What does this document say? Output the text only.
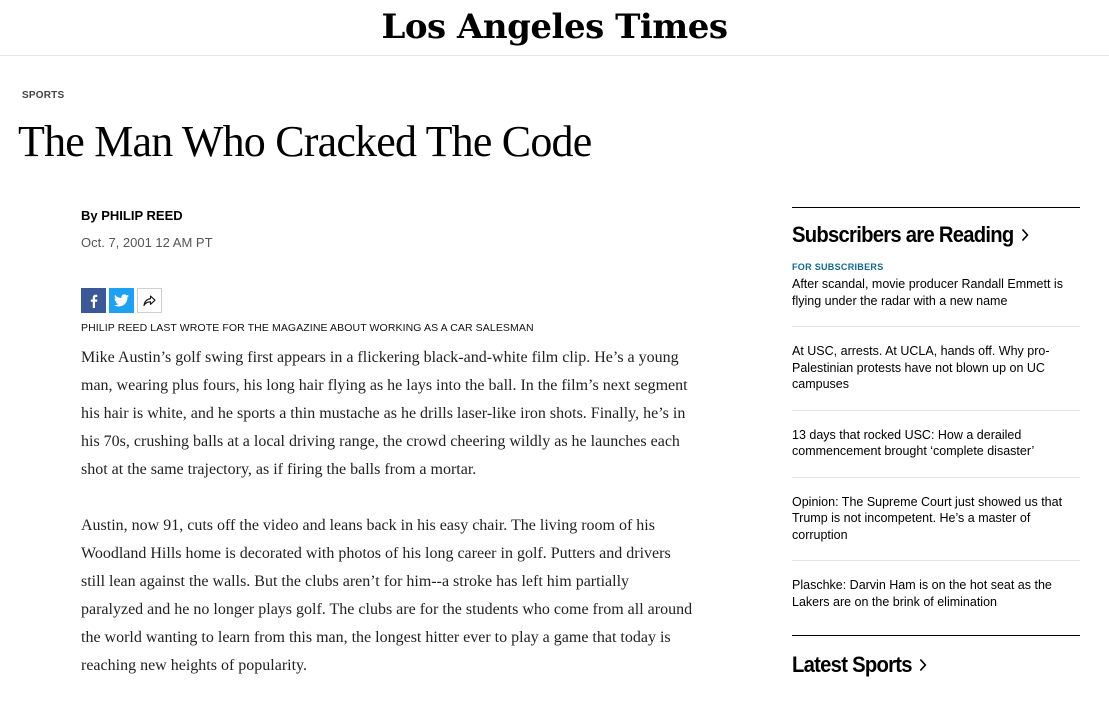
Los Angeles Times
SPORTS
The Man Who Cracked The Code
By PHILIP REED
Oct. 7, 2001 12 AM PT
PHILIP REED LAST WROTE FOR THE MAGAZINE ABOUT WORKING AS A CAR SALESMAN

Mike Austin’s golf swing first appears in a flickering black-and-white film clip. He’s a young man, wearing plus fours, his long hair flying as he lays into the ball. In the film’s next segment his hair is white, and he sports a thin mustache as he drills laser-like iron shots. Finally, he’s in his 70s, crushing balls at a local driving range, the crowd cheering wildly as he launches each shot at the same trajectory, as if firing the balls from a mortar.

Austin, now 91, cuts off the video and leans back in his easy chair. The living room of his Woodland Hills home is decorated with photos of his long career in golf. Putters and drivers still lean against the walls. But the clubs aren’t for him--a stroke has left him partially paralyzed and he no longer plays golf. The clubs are for the students who come from all around the world wanting to learn from this man, the longest hitter ever to play a game that today is reaching new heights of popularity.

Subscribers are Reading
FOR SUBSCRIBERS
After scandal, movie producer Randall Emmett is flying under the radar with a new name
At USC, arrests. At UCLA, hands off. Why pro-Palestinian protests have not blown up on UC campuses
13 days that rocked USC: How a derailed commencement brought ‘complete disaster’
Opinion: The Supreme Court just showed us that Trump is not incompetent. He’s a master of corruption
Plaschke: Darvin Ham is on the hot seat as the Lakers are on the brink of elimination
Latest Sports
